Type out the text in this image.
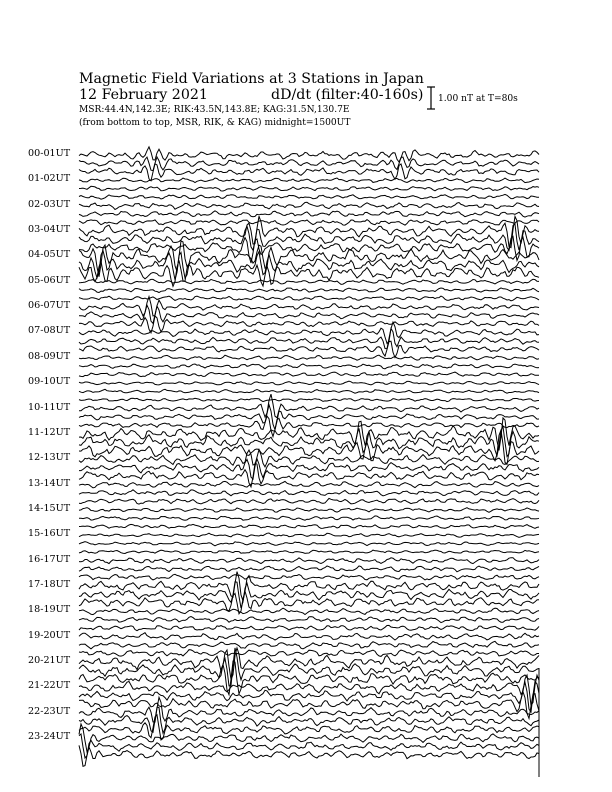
Magnetic Field Variations at 3 Stations in Japan
12 February 2021	dD/dt (filter:40-160s)
MSR:44.4N,142.3E; RIK:43.5N,143.8E; KAG:31.5N,130.7E
(from bottom to top, MSR, RIK, & KAG) midnight=1500UT
1.00 nT at T=80s
00-01UT
01-02UT
02-03UT
03-04UT
04-05UT
05-06UT
06-07UT
07-08UT
08-09UT
09-10UT
10-11UT
11-12UT
12-13UT
13-14UT
14-15UT
15-16UT
16-17UT
17-18UT
18-19UT
19-20UT
20-21UT
21-22UT
22-23UT
23-24UT
